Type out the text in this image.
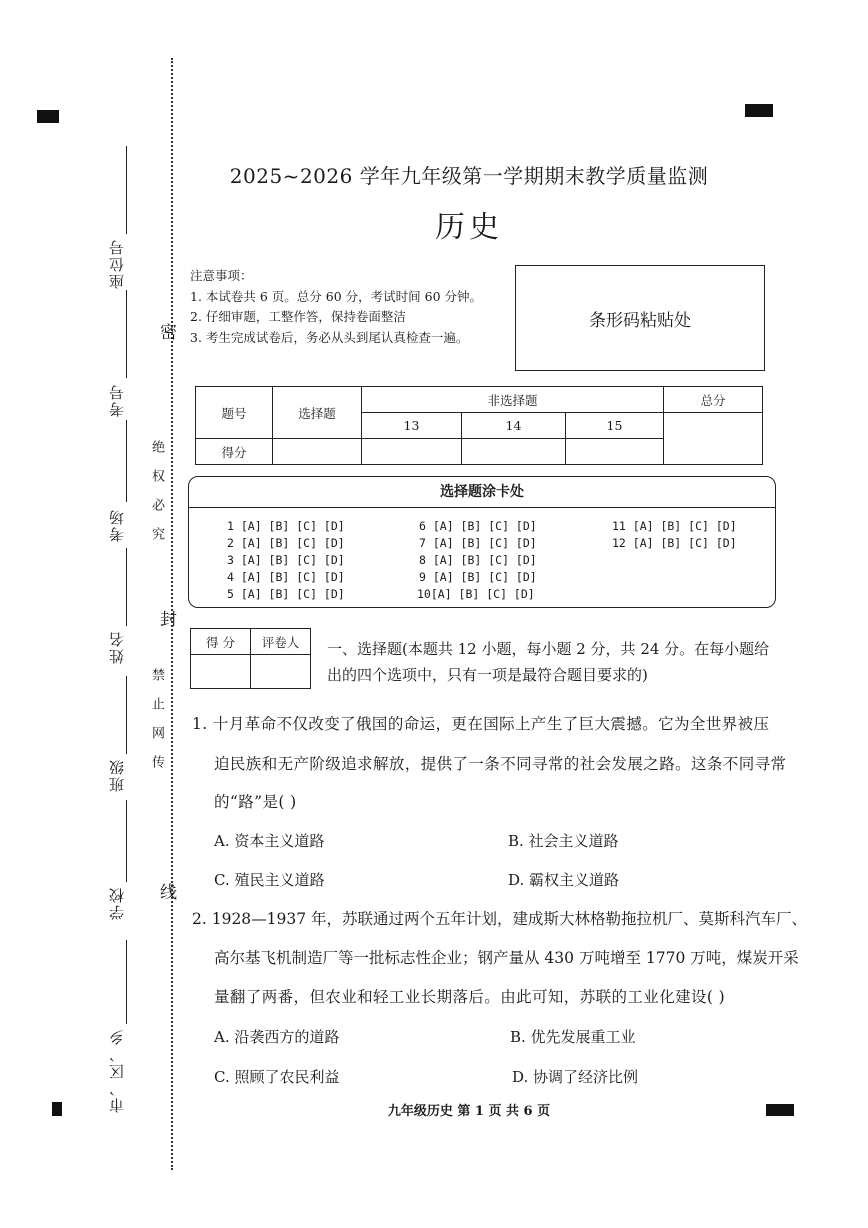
座位号
考号
考场
姓名
班级
学校
市、区、乡
密
绝权必究
封
禁止网传
线
2025~2026 学年九年级第一学期期末教学质量监测
历史
注意事项：
1. 本试卷共 6 页。总分 60 分，考试时间 60 分钟。
2. 仔细审题，工整作答，保持卷面整洁
3. 考生完成试卷后，务必从头到尾认真检查一遍。
条形码粘贴处
题号	选择题	非选择题			总分
		13	14	15	
得分					
选择题涂卡处
1 [A] [B] [C] [D]
2 [A] [B] [C] [D]
3 [A] [B] [C] [D]
4 [A] [B] [C] [D]
5 [A] [B] [C] [D]
6 [A] [B] [C] [D]
7 [A] [B] [C] [D]
8 [A] [B] [C] [D]
9 [A] [B] [C] [D]
10[A] [B] [C] [D]
11 [A] [B] [C] [D]
12 [A] [B] [C] [D]
得 分	评卷人
	一、选择题(本题共 12 小题，每小题 2 分，共 24 分。在每小题给
出的四个选项中，只有一项是最符合题目要求的)
1. 十月革命不仅改变了俄国的命运，更在国际上产生了巨大震撼。它为全世界被压
迫民族和无产阶级追求解放，提供了一条不同寻常的社会发展之路。这条不同寻常
的“路”是( )
A. 资本主义道路	B. 社会主义道路
C. 殖民主义道路	D. 霸权主义道路
2. 1928—1937 年，苏联通过两个五年计划，建成斯大林格勒拖拉机厂、莫斯科汽车厂、
高尔基飞机制造厂等一批标志性企业；钢产量从 430 万吨增至 1770 万吨，煤炭开采
量翻了两番，但农业和轻工业长期落后。由此可知，苏联的工业化建设( )
A. 沿袭西方的道路	B. 优先发展重工业
C. 照顾了农民利益	D. 协调了经济比例
九年级历史 第 1 页 共 6 页
